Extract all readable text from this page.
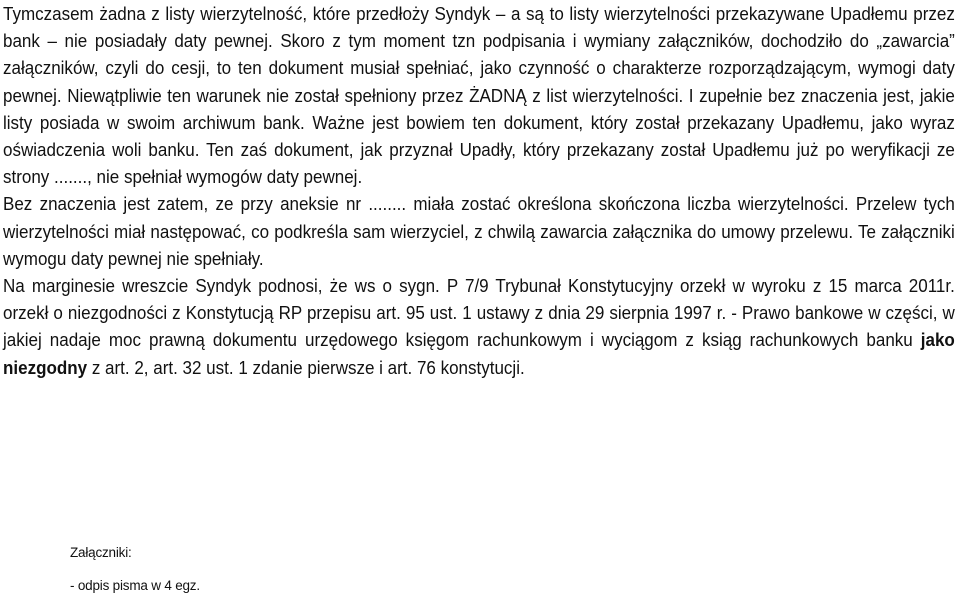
Tymczasem żadna z listy wierzytelność, które przedłoży Syndyk – a są to listy wierzytelności przekazywane Upadłemu przez bank – nie posiadały daty pewnej. Skoro z tym moment tzn podpisania i wymiany załączników, dochodziło do „zawarcia” załączników, czyli do cesji, to ten dokument musiał spełniać, jako czynność o charakterze rozporządzającym, wymogi daty pewnej. Niewątpliwie ten warunek nie został spełniony przez ŻADNĄ z list wierzytelności. I zupełnie bez znaczenia jest, jakie listy posiada w swoim archiwum bank. Ważne jest bowiem ten dokument, który został przekazany Upadłemu, jako wyraz oświadczenia woli banku. Ten zaś dokument, jak przyznał Upadły, który przekazany został Upadłemu już po weryfikacji ze strony ......., nie spełniał wymogów daty pewnej.

Bez znaczenia jest zatem, ze przy aneksie nr ........ miała zostać określona skończona liczba wierzytelności. Przelew tych wierzytelności miał następować, co podkreśla sam wierzyciel, z chwilą zawarcia załącznika do umowy przelewu. Te załączniki wymogu daty pewnej nie spełniały.

Na marginesie wreszcie Syndyk podnosi, że ws o sygn. P 7/9 Trybunał Konstytucyjny orzekł w wyroku z 15 marca 2011r. orzekł o niezgodności z Konstytucją RP przepisu art. 95 ust. 1 ustawy z dnia 29 sierpnia 1997 r. - Prawo bankowe w części, w jakiej nadaje moc prawną dokumentu urzędowego księgom rachunkowym i wyciągom z ksiąg rachunkowych banku jako niezgodny z art. 2, art. 32 ust. 1 zdanie pierwsze i art. 76 konstytucji.

Załączniki:
- odpis pisma w 4 egz.
